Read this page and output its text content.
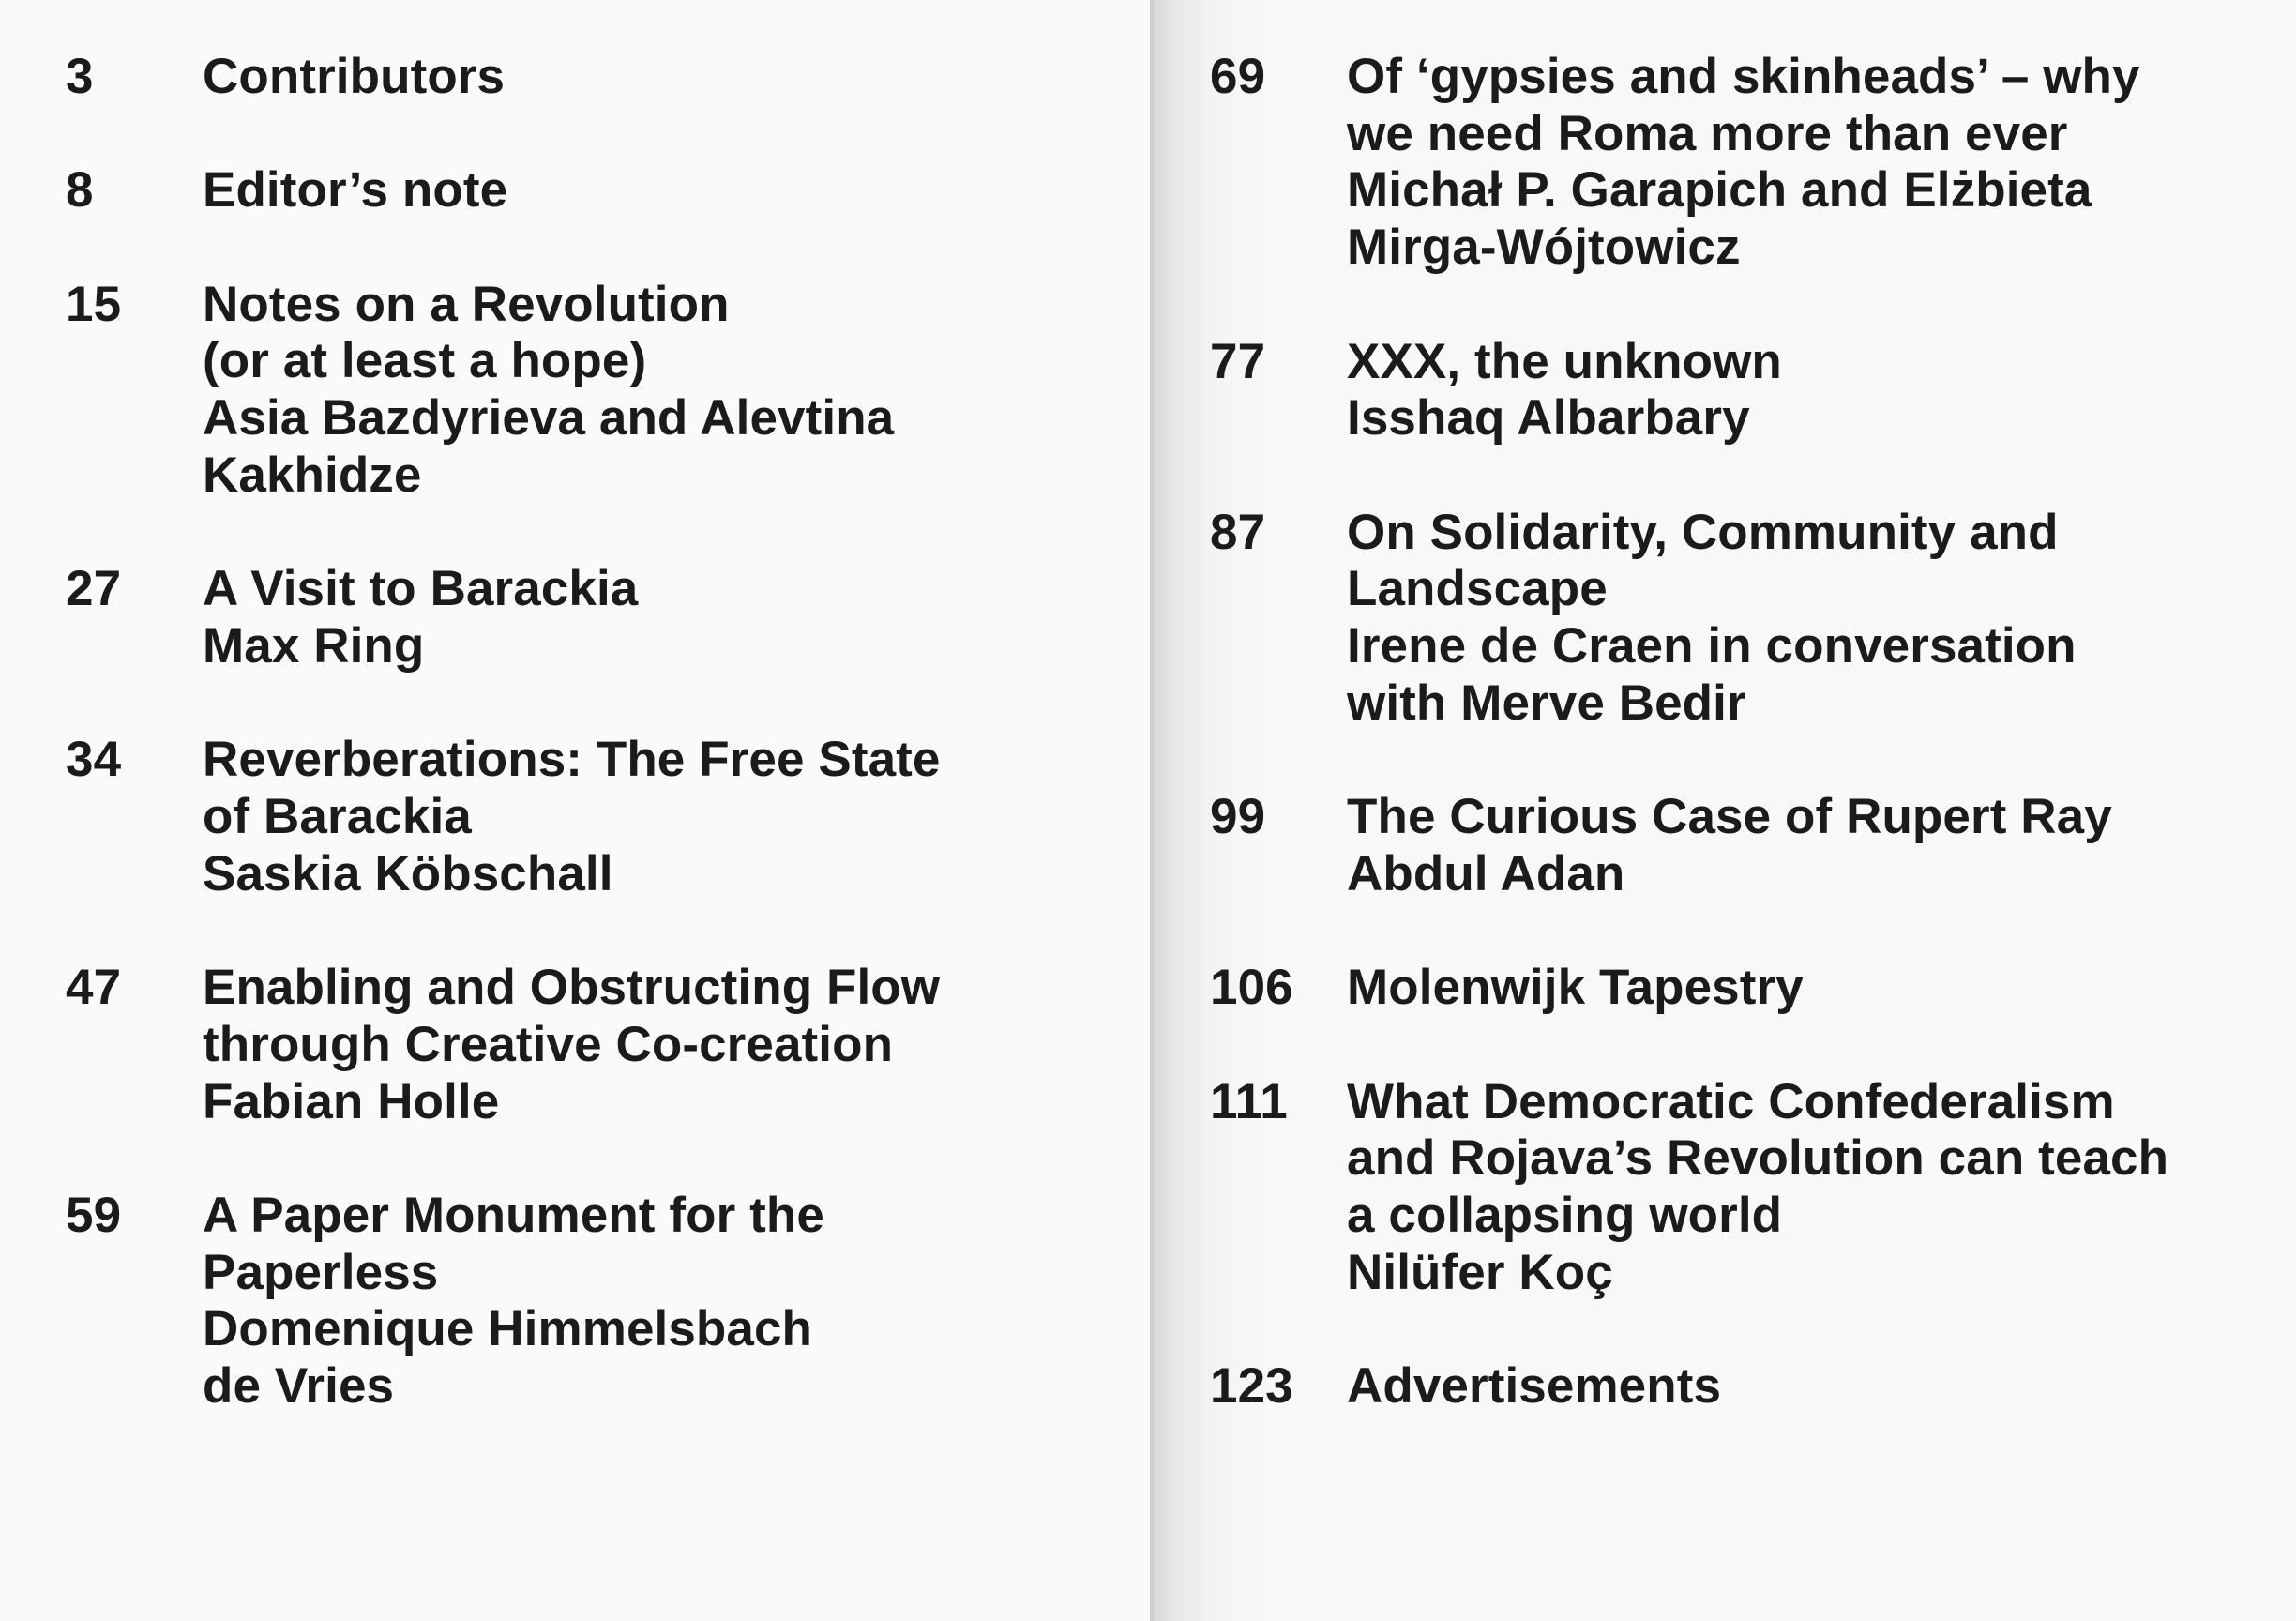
3	Contributors
8	Editor’s note
15	Notes on a Revolution
(or at least a hope)
Asia Bazdyrieva and Alevtina
Kakhidze
27	A Visit to Barackia
Max Ring
34	Reverberations: The Free State
of Barackia
Saskia Köbschall
47	Enabling and Obstructing Flow
through Creative Co-creation
Fabian Holle
59	A Paper Monument for the
Paperless
Domenique Himmelsbach
de Vries
69	Of ‘gypsies and skinheads’ – why
we need Roma more than ever
Michał P. Garapich and Elżbieta
Mirga-Wójtowicz
77	XXX, the unknown
Isshaq Albarbary
87	On Solidarity, Community and
Landscape
Irene de Craen in conversation
with Merve Bedir
99	The Curious Case of Rupert Ray
Abdul Adan
106	Molenwijk Tapestry
111	What Democratic Confederalism
and Rojava’s Revolution can teach
a collapsing world
Nilüfer Koç
123	Advertisements
